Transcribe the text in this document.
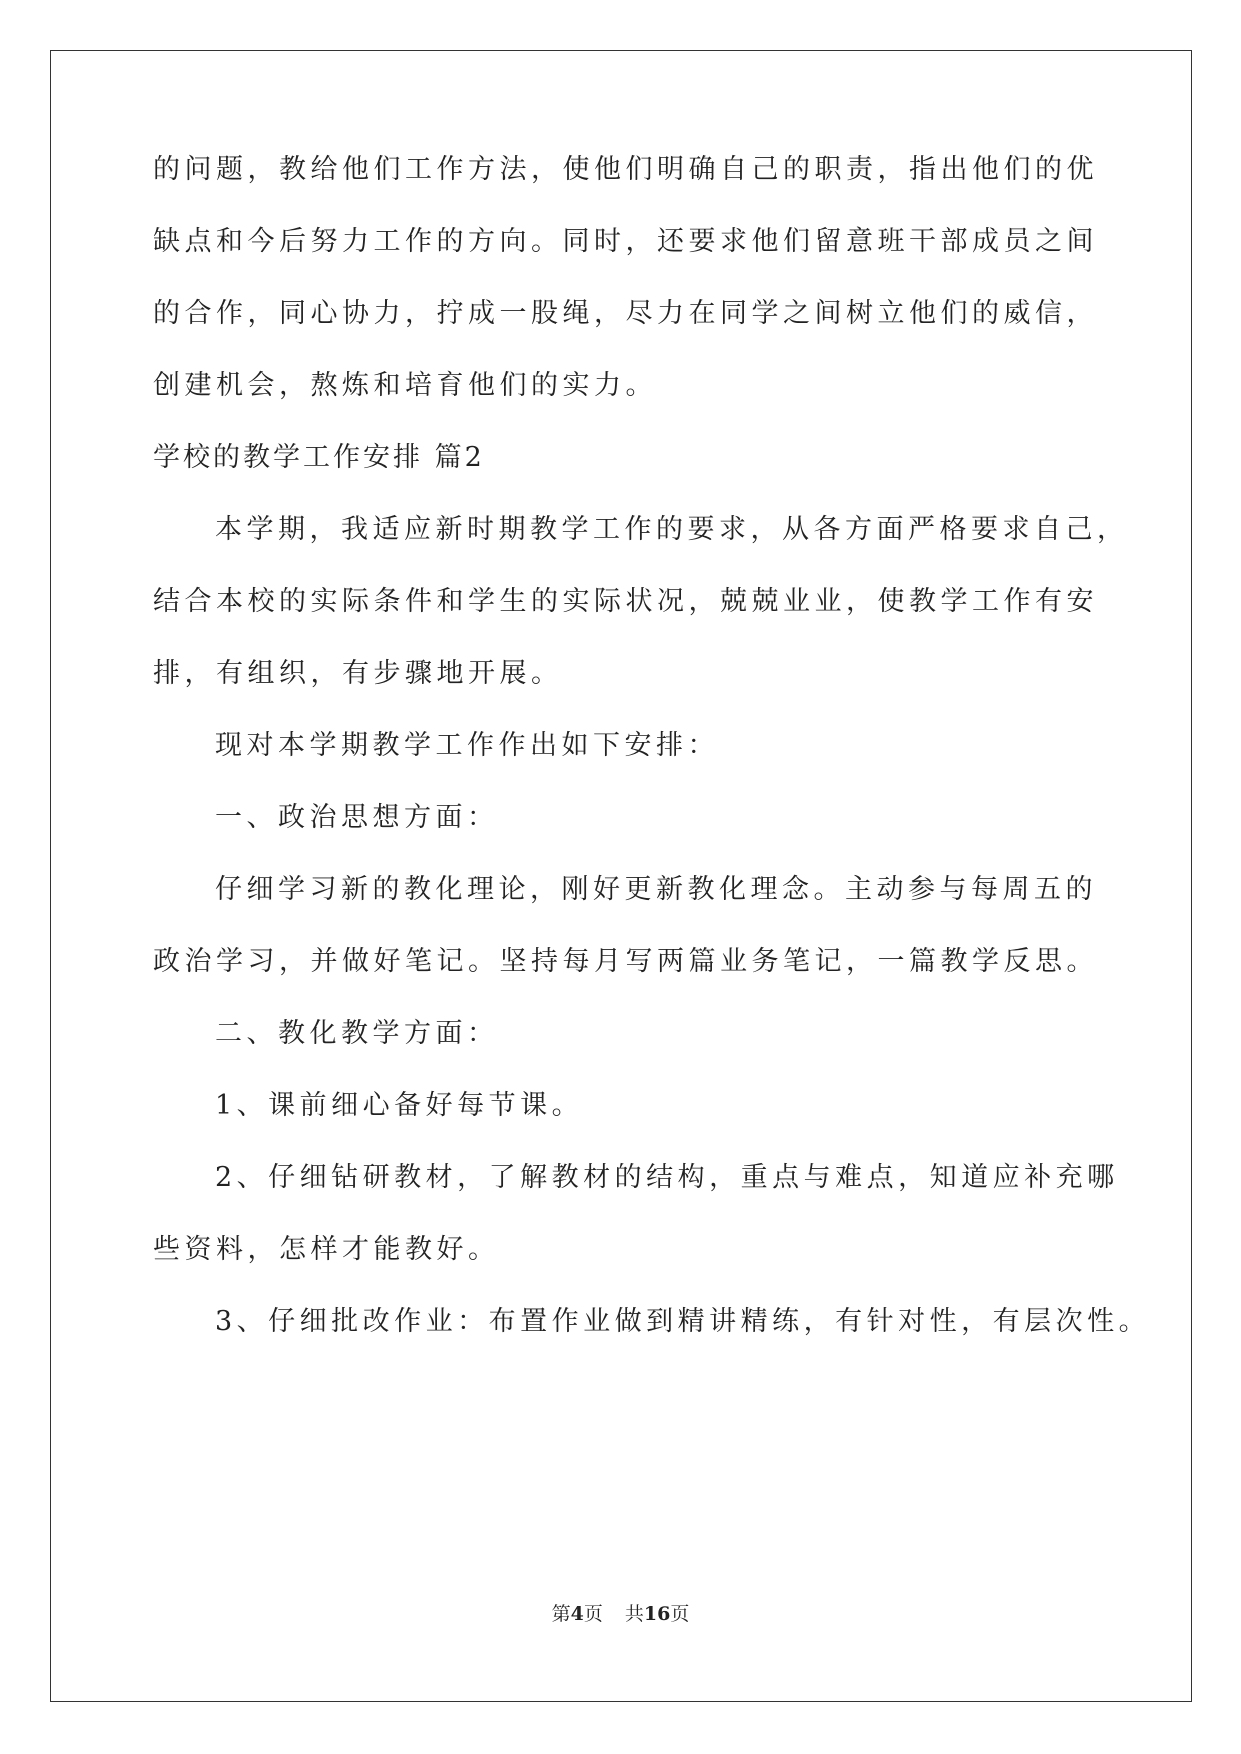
的问题，教给他们工作方法，使他们明确自己的职责，指出他们的优
缺点和今后努力工作的方向。同时，还要求他们留意班干部成员之间
的合作，同心协力，拧成一股绳，尽力在同学之间树立他们的威信，
创建机会，熬炼和培育他们的实力。
学校的教学工作安排 篇2
本学期，我适应新时期教学工作的要求，从各方面严格要求自己，
结合本校的实际条件和学生的实际状况，兢兢业业，使教学工作有安
排，有组织，有步骤地开展。
现对本学期教学工作作出如下安排：
一、政治思想方面：
仔细学习新的教化理论，刚好更新教化理念。主动参与每周五的
政治学习，并做好笔记。坚持每月写两篇业务笔记，一篇教学反思。
二、教化教学方面：
1、课前细心备好每节课。
2、仔细钻研教材，了解教材的结构，重点与难点，知道应补充哪
些资料，怎样才能教好。
3、仔细批改作业：布置作业做到精讲精练，有针对性，有层次性。
第4页 共16页
